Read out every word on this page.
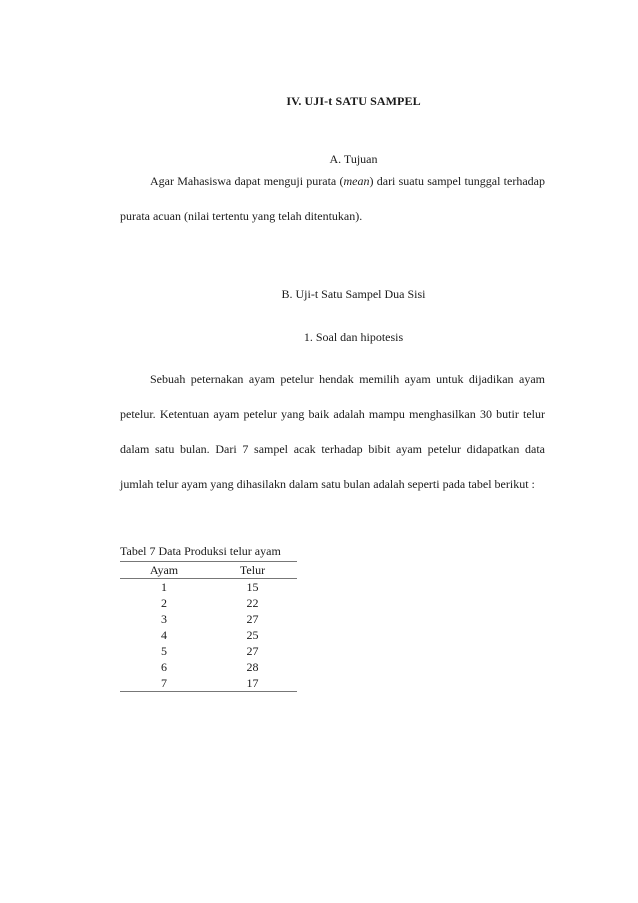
IV. UJI-t SATU SAMPEL
A. Tujuan

Agar Mahasiswa dapat menguji purata (mean) dari suatu sampel tunggal terhadap purata acuan (nilai tertentu yang telah ditentukan).

B. Uji-t Satu Sampel Dua Sisi
1. Soal dan hipotesis

Sebuah peternakan ayam petelur hendak memilih ayam untuk dijadikan ayam petelur. Ketentuan ayam petelur yang baik adalah mampu menghasilkan 30 butir telur dalam satu bulan. Dari 7 sampel acak terhadap bibit ayam petelur didapatkan data jumlah telur ayam yang dihasilakn dalam satu bulan adalah seperti pada tabel berikut :

Tabel 7 Data Produksi telur ayam
Ayam	Telur
1	15
2	22
3	27
4	25
5	27
6	28
7	17
